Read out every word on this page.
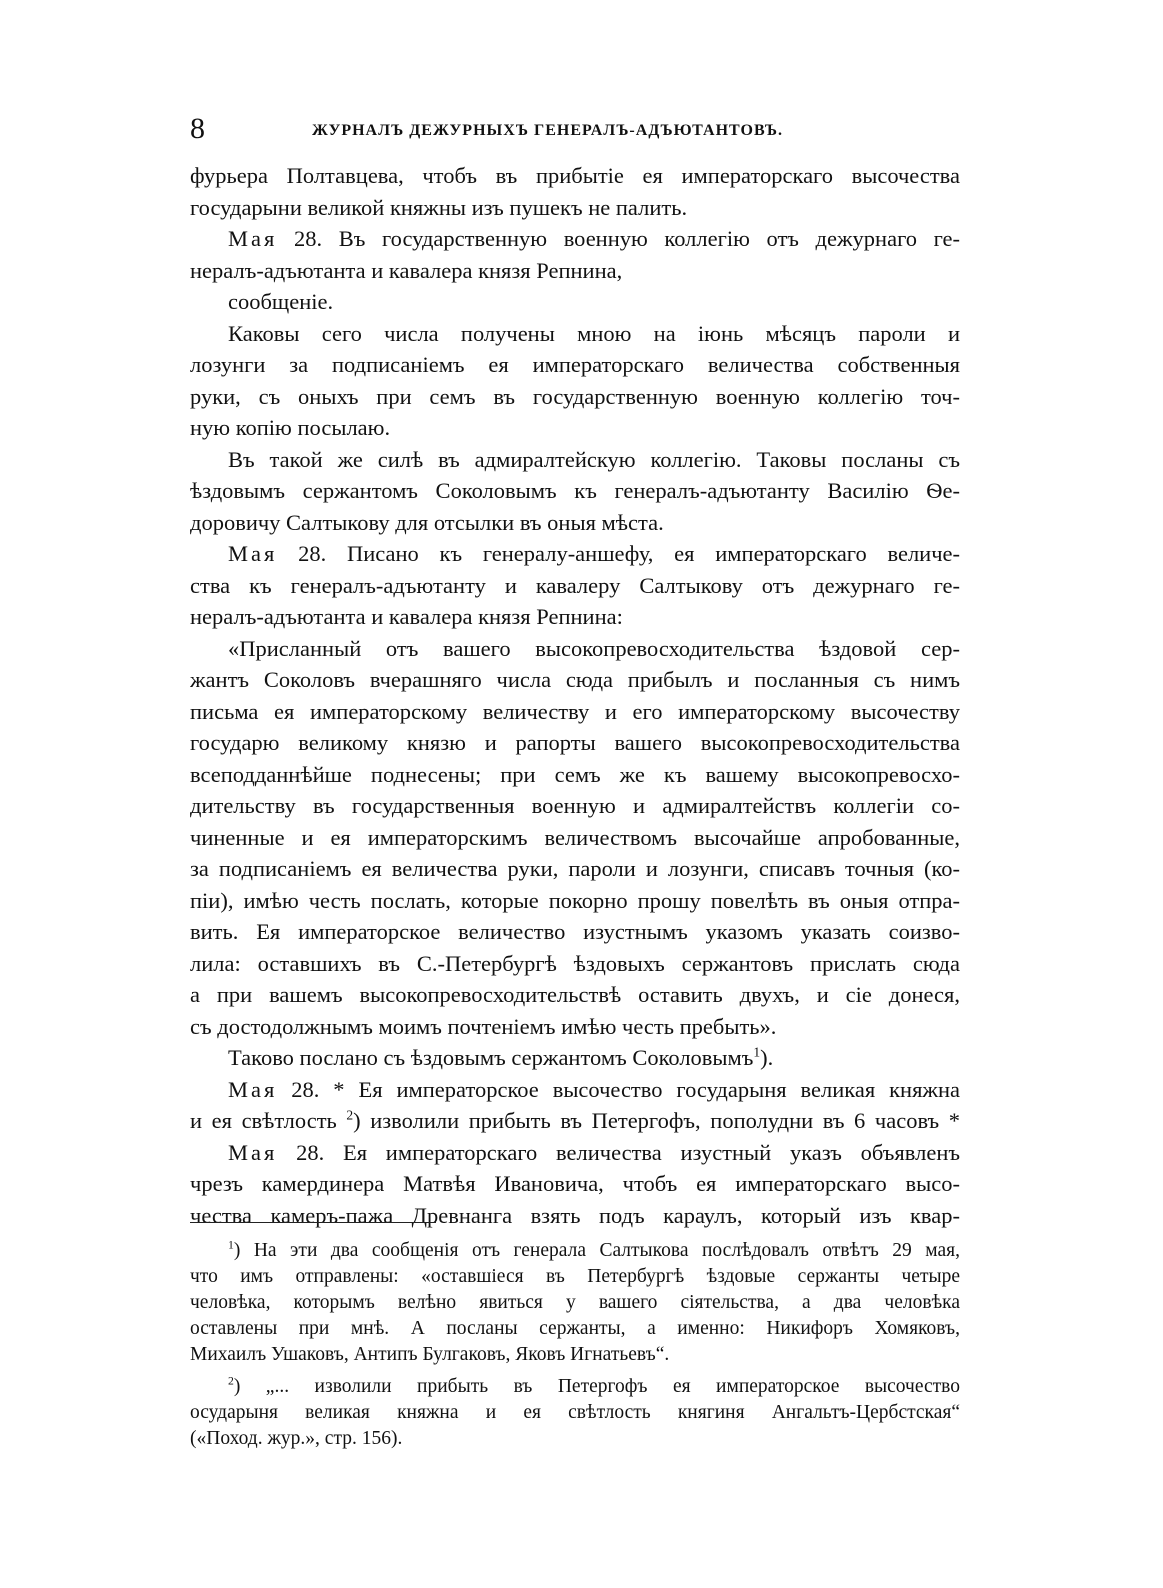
8	ЖУРНАЛЪ ДЕЖУРНЫХЪ ГЕНЕРАЛЪ-АДЪЮТАНТОВЪ.
фурьера Полтавцева, чтобъ въ прибытіе ея императорскаго высочества
государыни великой княжны изъ пушекъ не палить.
Мая 28. Въ государственную военную коллегію отъ дежурнаго ге-
нералъ-адъютанта и кавалера князя Репнина,
сообщеніе.
Каковы сего числа получены мною на іюнь мѣсяцъ пароли и
лозунги за подписаніемъ ея императорскаго величества собственныя
руки, съ оныхъ при семъ въ государственную военную коллегію точ-
ную копію посылаю.
Въ такой же силѣ въ адмиралтейскую коллегію. Таковы посланы съ
ѣздовымъ сержантомъ Соколовымъ къ генералъ-адъютанту Василію Ѳе-
доровичу Салтыкову для отсылки въ оныя мѣста.
Мая 28. Писано къ генералу-аншефу, ея императорскаго величе-
ства къ генералъ-адъютанту и кавалеру Салтыкову отъ дежурнаго ге-
нералъ-адъютанта и кавалера князя Репнина:
«Присланный отъ вашего высокопревосходительства ѣздовой сер-
жантъ Соколовъ вчерашняго числа сюда прибылъ и посланныя съ нимъ
письма ея императорскому величеству и его императорскому высочеству
государю великому князю и рапорты вашего высокопревосходительства
всеподданнѣйше поднесены; при семъ же къ вашему высокопревосхо-
дительству въ государственныя военную и адмиралтействъ коллегіи со-
чиненные и ея императорскимъ величествомъ высочайше апробованные,
за подписаніемъ ея величества руки, пароли и лозунги, списавъ точныя (ко-
піи), имѣю честь послать, которые покорно прошу повелѣть въ оныя отпра-
вить. Ея императорское величество изустнымъ указомъ указать соизво-
лила: оставшихъ въ С.-Петербургѣ ѣздовыхъ сержантовъ прислать сюда
а при вашемъ высокопревосходительствѣ оставить двухъ, и сіе донеся,
съ достодолжнымъ моимъ почтеніемъ имѣю честь пребыть».
Таково послано съ ѣздовымъ сержантомъ Соколовымъ$^1$).
Мая 28. * Ея императорское высочество государыня великая княжна
и ея свѣтлость $^2$) изволили прибыть въ Петергофъ, пополудни въ 6 часовъ *
Мая 28. Ея императорскаго величества изустный указъ объявленъ
чрезъ камердинера Матвѣя Ивановича, чтобъ ея императорскаго высо-
чества камеръ-пажа Древнанга взять подъ караулъ, который изъ квар-
$^1$) На эти два сообщенія отъ генерала Салтыкова послѣдовалъ отвѣтъ 29 мая,
что имъ отправлены: «оставшіеся въ Петербургѣ ѣздовые сержанты четыре
человѣка, которымъ велѣно явиться у вашего сіятельства, а два человѣка
оставлены при мнѣ. А посланы сержанты, а именно: Никифоръ Хомяковъ,
Михаилъ Ушаковъ, Антипъ Булгаковъ, Яковъ Игнатьевъ“.
$^2$) „... изволили прибыть въ Петергофъ ея императорское высочество
осударыня великая княжна и ея свѣтлость княгиня Ангальтъ-Цербстская“
(«Поход. жур.», стр. 156).
